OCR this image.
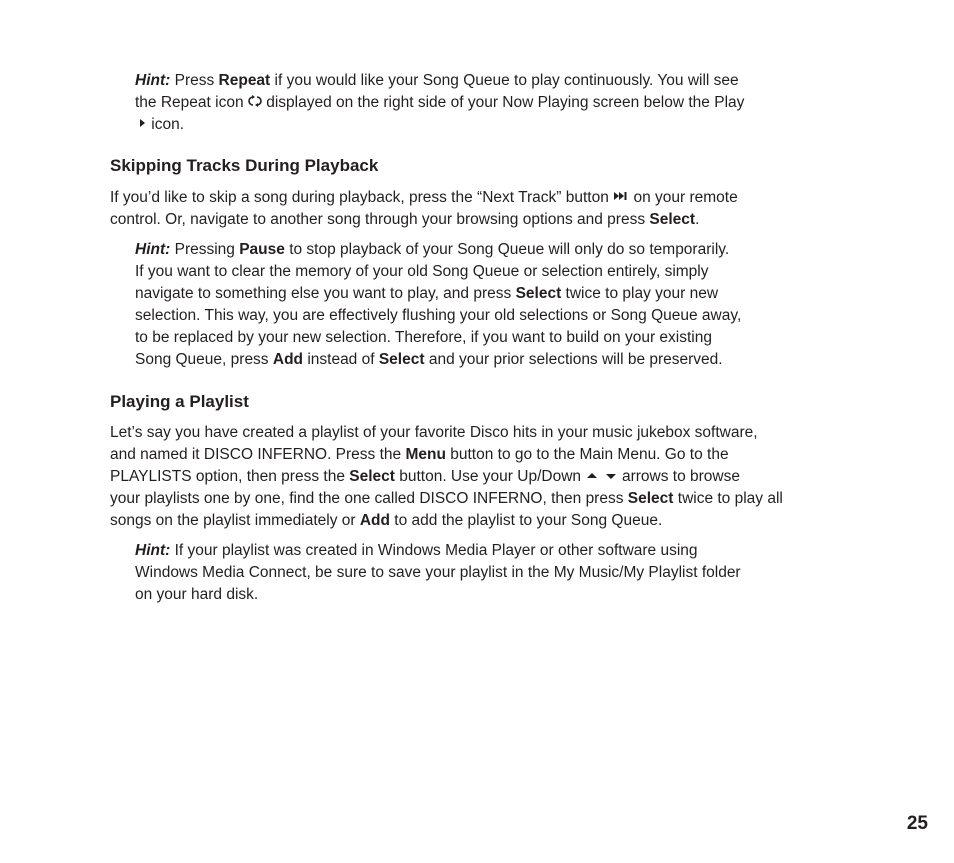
Hint: Press Repeat if you would like your Song Queue to play continuously. You will see
the Repeat icon  displayed on the right side of your Now Playing screen below the Play
icon.
Skipping Tracks During Playback
If you’d like to skip a song during playback, press the “Next Track” button  on your remote
control. Or, navigate to another song through your browsing options and press Select.
Hint: Pressing Pause to stop playback of your Song Queue will only do so temporarily.
If you want to clear the memory of your old Song Queue or selection entirely, simply
navigate to something else you want to play, and press Select twice to play your new
selection. This way, you are effectively flushing your old selections or Song Queue away,
to be replaced by your new selection. Therefore, if you want to build on your existing
Song Queue, press Add instead of Select and your prior selections will be preserved.
Playing a Playlist
Let’s say you have created a playlist of your favorite Disco hits in your music jukebox software,
and named it DISCO INFERNO. Press the Menu button to go to the Main Menu. Go to the
PLAYLISTS option, then press the Select button. Use your Up/Down   arrows to browse
your playlists one by one, find the one called DISCO INFERNO, then press Select twice to play all
songs on the playlist immediately or Add to add the playlist to your Song Queue.
Hint: If your playlist was created in Windows Media Player or other software using
Windows Media Connect, be sure to save your playlist in the My Music/My Playlist folder
on your hard disk.
25
